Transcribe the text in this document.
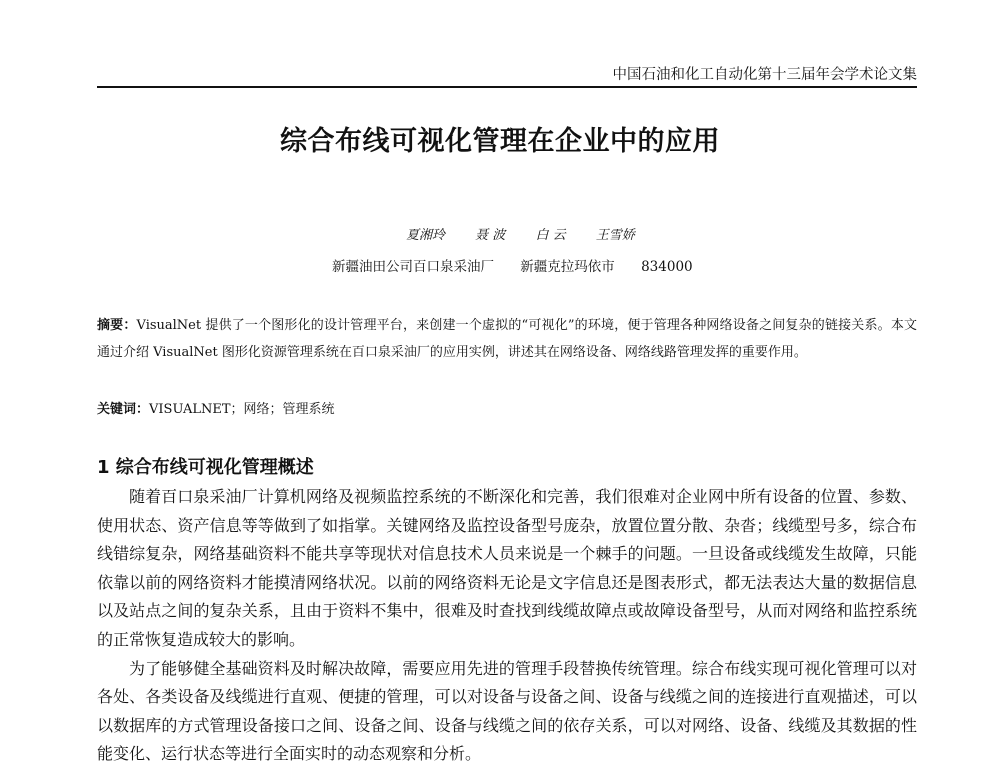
中国石油和化工自动化第十三届年会学术论文集
综合布线可视化管理在企业中的应用
夏湘玲 聂 波 白 云 王雪娇
新疆油田公司百口泉采油厂 新疆克拉玛依市 834000
摘要：VisualNet 提供了一个图形化的设计管理平台，来创建一个虚拟的“可视化”的环境，便于管理各种网络设备之间复杂的链接关系。本文通过介绍 VisualNet 图形化资源管理系统在百口泉采油厂的应用实例，讲述其在网络设备、网络线路管理发挥的重要作用。
关键词：VISUALNET；网络；管理系统
1 综合布线可视化管理概述

随着百口泉采油厂计算机网络及视频监控系统的不断深化和完善，我们很难对企业网中所有设备的位置、参数、使用状态、资产信息等等做到了如指掌。关键网络及监控设备型号庞杂，放置位置分散、杂沓；线缆型号多，综合布线错综复杂，网络基础资料不能共享等现状对信息技术人员来说是一个棘手的问题。一旦设备或线缆发生故障，只能依靠以前的网络资料才能摸清网络状况。以前的网络资料无论是文字信息还是图表形式，都无法表达大量的数据信息以及站点之间的复杂关系，且由于资料不集中，很难及时查找到线缆故障点或故障设备型号，从而对网络和监控系统的正常恢复造成较大的影响。

为了能够健全基础资料及时解决故障，需要应用先进的管理手段替换传统管理。综合布线实现可视化管理可以对各处、各类设备及线缆进行直观、便捷的管理，可以对设备与设备之间、设备与线缆之间的连接进行直观描述，可以以数据库的方式管理设备接口之间、设备之间、设备与线缆之间的依存关系，可以对网络、设备、线缆及其数据的性能变化、运行状态等进行全面实时的动态观察和分析。
